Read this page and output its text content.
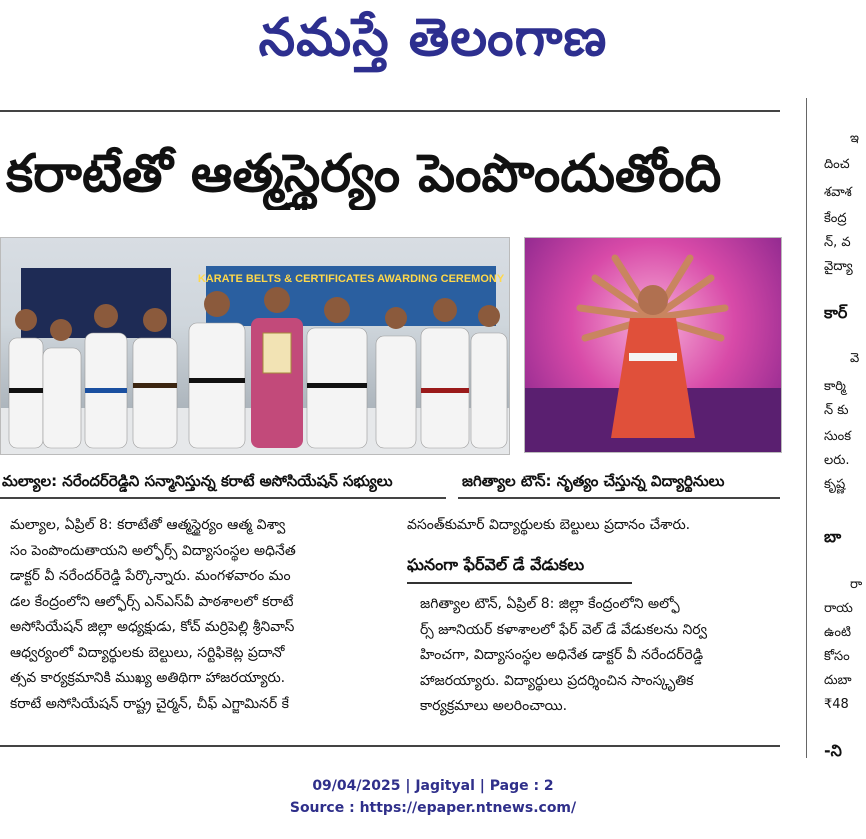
నమస్తే తెలంగాణ

ఇ

దించ

శవాశ

కేంద్ర

న్, వ

వైద్యా

కార్

వె

కార్మి

న్ కు

సుంక

లరు.

కృష్ణ

బా

రా

రాయ

ఉంటి

కోసం

దుబా

₹48

-ని

కరాటేతో ఆత్మస్థైర్యం పెంపొందుతోంది
KARATE BELTS & CERTIFICATES AWARDING CEREMONY
మల్యాల: నరేందర్‌రెడ్డిని సన్మానిస్తున్న కరాటే అసోసియేషన్ సభ్యులు	జగిత్యాల టౌన్: నృత్యం చేస్తున్న విద్యార్థినులు

మల్యాల, ఏప్రిల్ 8: కరాటేతో ఆత్మస్థైర్యం ఆత్మ విశ్వా

సం పెంపొందుతాయని అల్ఫోర్స్ విద్యాసంస్థల అధినేత

డాక్టర్ వీ నరేందర్‌రెడ్డి పేర్కొన్నారు. మంగళవారం మం

డల కేంద్రంలోని ఆల్ఫోర్స్ ఎన్ఎస్‌వీ పాఠశాలలో కరాటే

అసోసియేషన్ జిల్లా అధ్యక్షుడు, కోచ్ మర్రిపెల్లి శ్రీనివాస్

ఆధ్వర్యంలో విద్యార్థులకు బెల్టులు, సర్టిఫికెట్ల ప్రదానో

త్సవ కార్యక్రమానికి ముఖ్య అతిథిగా హాజరయ్యారు.

కరాటే అసోసియేషన్ రాష్ట్ర చైర్మన్, చీఫ్ ఎగ్జామినర్ కే

వసంత్‌కుమార్ విద్యార్థులకు బెల్టులు ప్రదానం చేశారు.

ఘనంగా ఫేర్‌వెల్ డే వేడుకలు

జగిత్యాల టౌన్, ఏప్రిల్ 8: జిల్లా కేంద్రంలోని అల్ఫో

ర్స్ జూనియర్ కళాశాలలో ఫేర్ వెల్ డే వేడుకలను నిర్వ

హించగా, విద్యాసంస్థల అధినేత డాక్టర్ వీ నరేందర్‌రెడ్డి

హాజరయ్యారు. విద్యార్థులు ప్రదర్శించిన సాంస్కృతిక

కార్యక్రమాలు అలరించాయి.

09/04/2025 | Jagityal | Page : 2
Source : https://epaper.ntnews.com/
